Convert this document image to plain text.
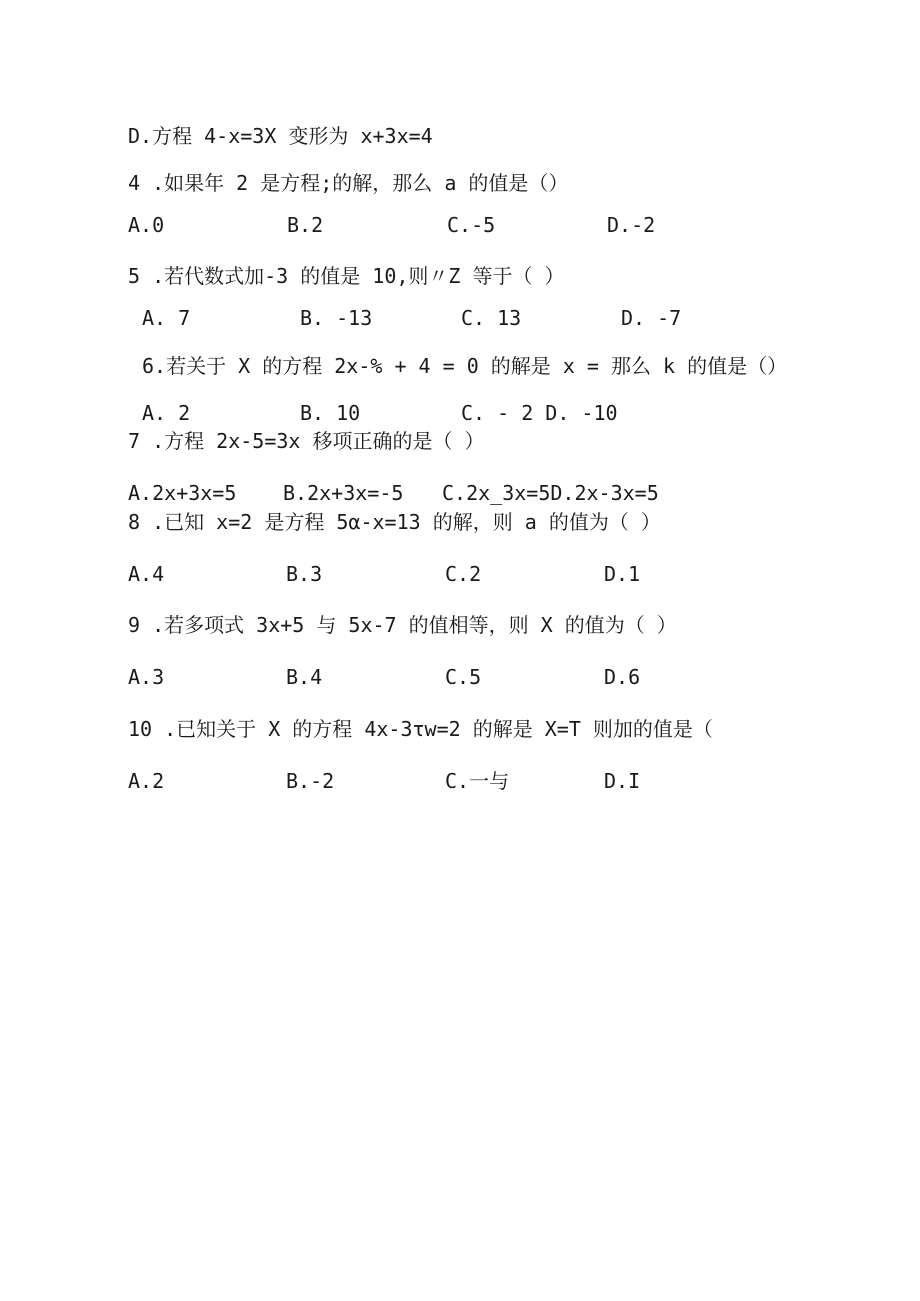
D.方程 4-x=3X 变形为 x+3x=4
4 .如果年 2 是方程;的解，那么 a 的值是（）
A.0	B.2	C.-5	D.-2
5 .若代数式加-3 的值是 10,则〃Z 等于（ ）
A. 7	B. -13	C. 13	D. -7
6.若关于 X 的方程 2x-% + 4 = 0 的解是 x = 那么 k 的值是（）
A. 2	B. 10	C. - 2 D. -10
7 .方程 2x-5=3x 移项正确的是（ ）
A.2x+3x=5 B.2x+3x=-5 C.2x_3x=5D.2x-3x=5
8 .已知 x=2 是方程 5α-x=13 的解，则 a 的值为（ ）
A.4	B.3	C.2	D.1
9 .若多项式 3x+5 与 5x-7 的值相等，则 X 的值为（ ）
A.3	B.4	C.5	D.6
10 .已知关于 X 的方程 4x-3τw=2 的解是 X=T 则加的值是（
A.2	B.-2	C.一与	D.I
